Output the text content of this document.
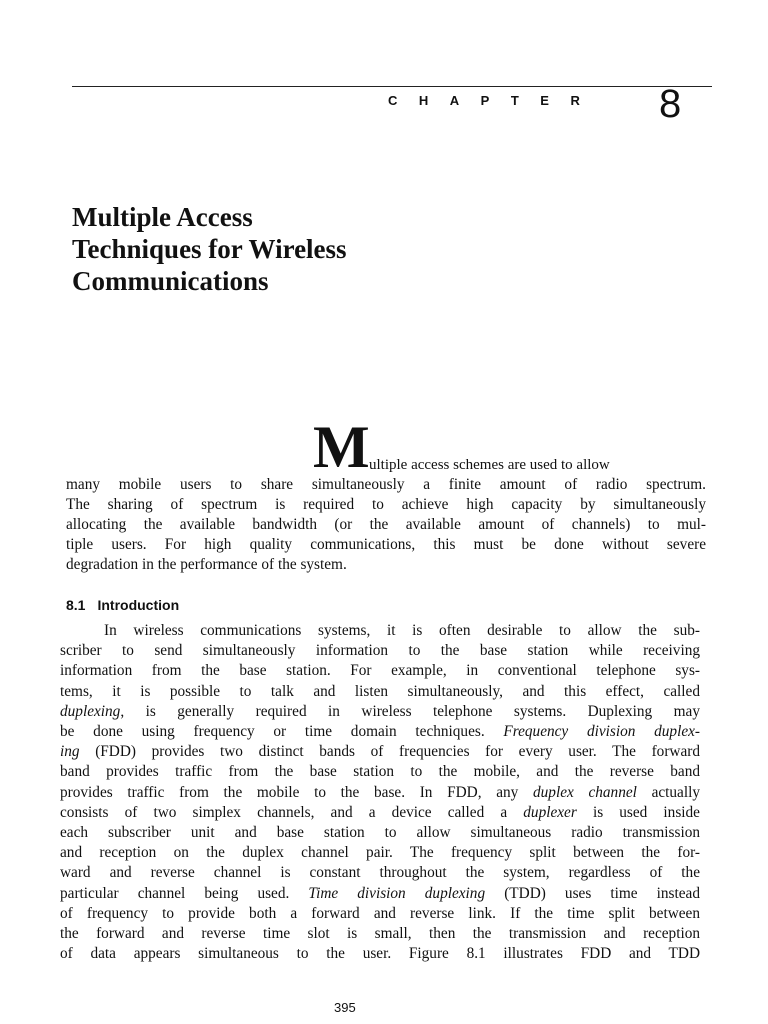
CHAPTER 8
Multiple Access
Techniques for Wireless
Communications
M ultiple access schemes are used to allow
many mobile users to share simultaneously a finite amount of radio spectrum.
The sharing of spectrum is required to achieve high capacity by simultaneously
allocating the available bandwidth (or the available amount of channels) to mul-
tiple users. For high quality communications, this must be done without severe
degradation in the performance of the system.
8.1 Introduction
In wireless communications systems, it is often desirable to allow the sub-
scriber to send simultaneously information to the base station while receiving
information from the base station. For example, in conventional telephone sys-
tems, it is possible to talk and listen simultaneously, and this effect, called
duplexing, is generally required in wireless telephone systems. Duplexing may
be done using frequency or time domain techniques. Frequency division duplex-
ing (FDD) provides two distinct bands of frequencies for every user. The forward
band provides traffic from the base station to the mobile, and the reverse band
provides traffic from the mobile to the base. In FDD, any duplex channel actually
consists of two simplex channels, and a device called a duplexer is used inside
each subscriber unit and base station to allow simultaneous radio transmission
and reception on the duplex channel pair. The frequency split between the for-
ward and reverse channel is constant throughout the system, regardless of the
particular channel being used. Time division duplexing (TDD) uses time instead
of frequency to provide both a forward and reverse link. If the time split between
the forward and reverse time slot is small, then the transmission and reception
of data appears simultaneous to the user. Figure 8.1 illustrates FDD and TDD
395
